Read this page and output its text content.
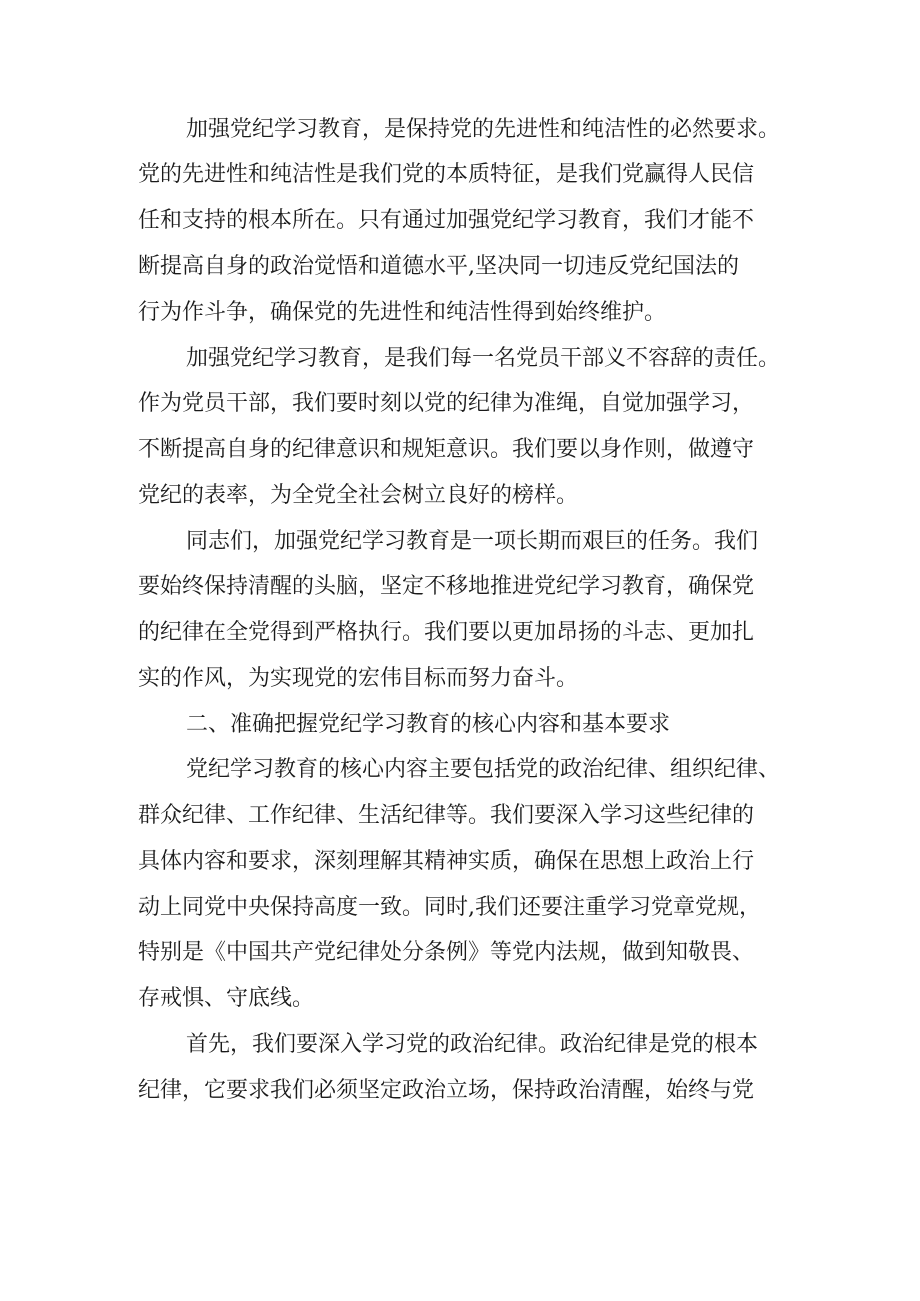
加强党纪学习教育，是保持党的先进性和纯洁性的必然要求。
党的先进性和纯洁性是我们党的本质特征，是我们党赢得人民信
任和支持的根本所在。只有通过加强党纪学习教育，我们才能不
断提高自身的政治觉悟和道德水平,坚决同一切违反党纪国法的
行为作斗争，确保党的先进性和纯洁性得到始终维护。
加强党纪学习教育，是我们每一名党员干部义不容辞的责任。
作为党员干部，我们要时刻以党的纪律为准绳，自觉加强学习，
不断提高自身的纪律意识和规矩意识。我们要以身作则，做遵守
党纪的表率，为全党全社会树立良好的榜样。
同志们，加强党纪学习教育是一项长期而艰巨的任务。我们
要始终保持清醒的头脑，坚定不移地推进党纪学习教育，确保党
的纪律在全党得到严格执行。我们要以更加昂扬的斗志、更加扎
实的作风，为实现党的宏伟目标而努力奋斗。
二、准确把握党纪学习教育的核心内容和基本要求
党纪学习教育的核心内容主要包括党的政治纪律、组织纪律、
群众纪律、工作纪律、生活纪律等。我们要深入学习这些纪律的
具体内容和要求，深刻理解其精神实质，确保在思想上政治上行
动上同党中央保持高度一致。同时,我们还要注重学习党章党规，
特别是《中国共产党纪律处分条例》等党内法规，做到知敬畏、
存戒惧、守底线。
首先，我们要深入学习党的政治纪律。政治纪律是党的根本
纪律，它要求我们必须坚定政治立场，保持政治清醒，始终与党
